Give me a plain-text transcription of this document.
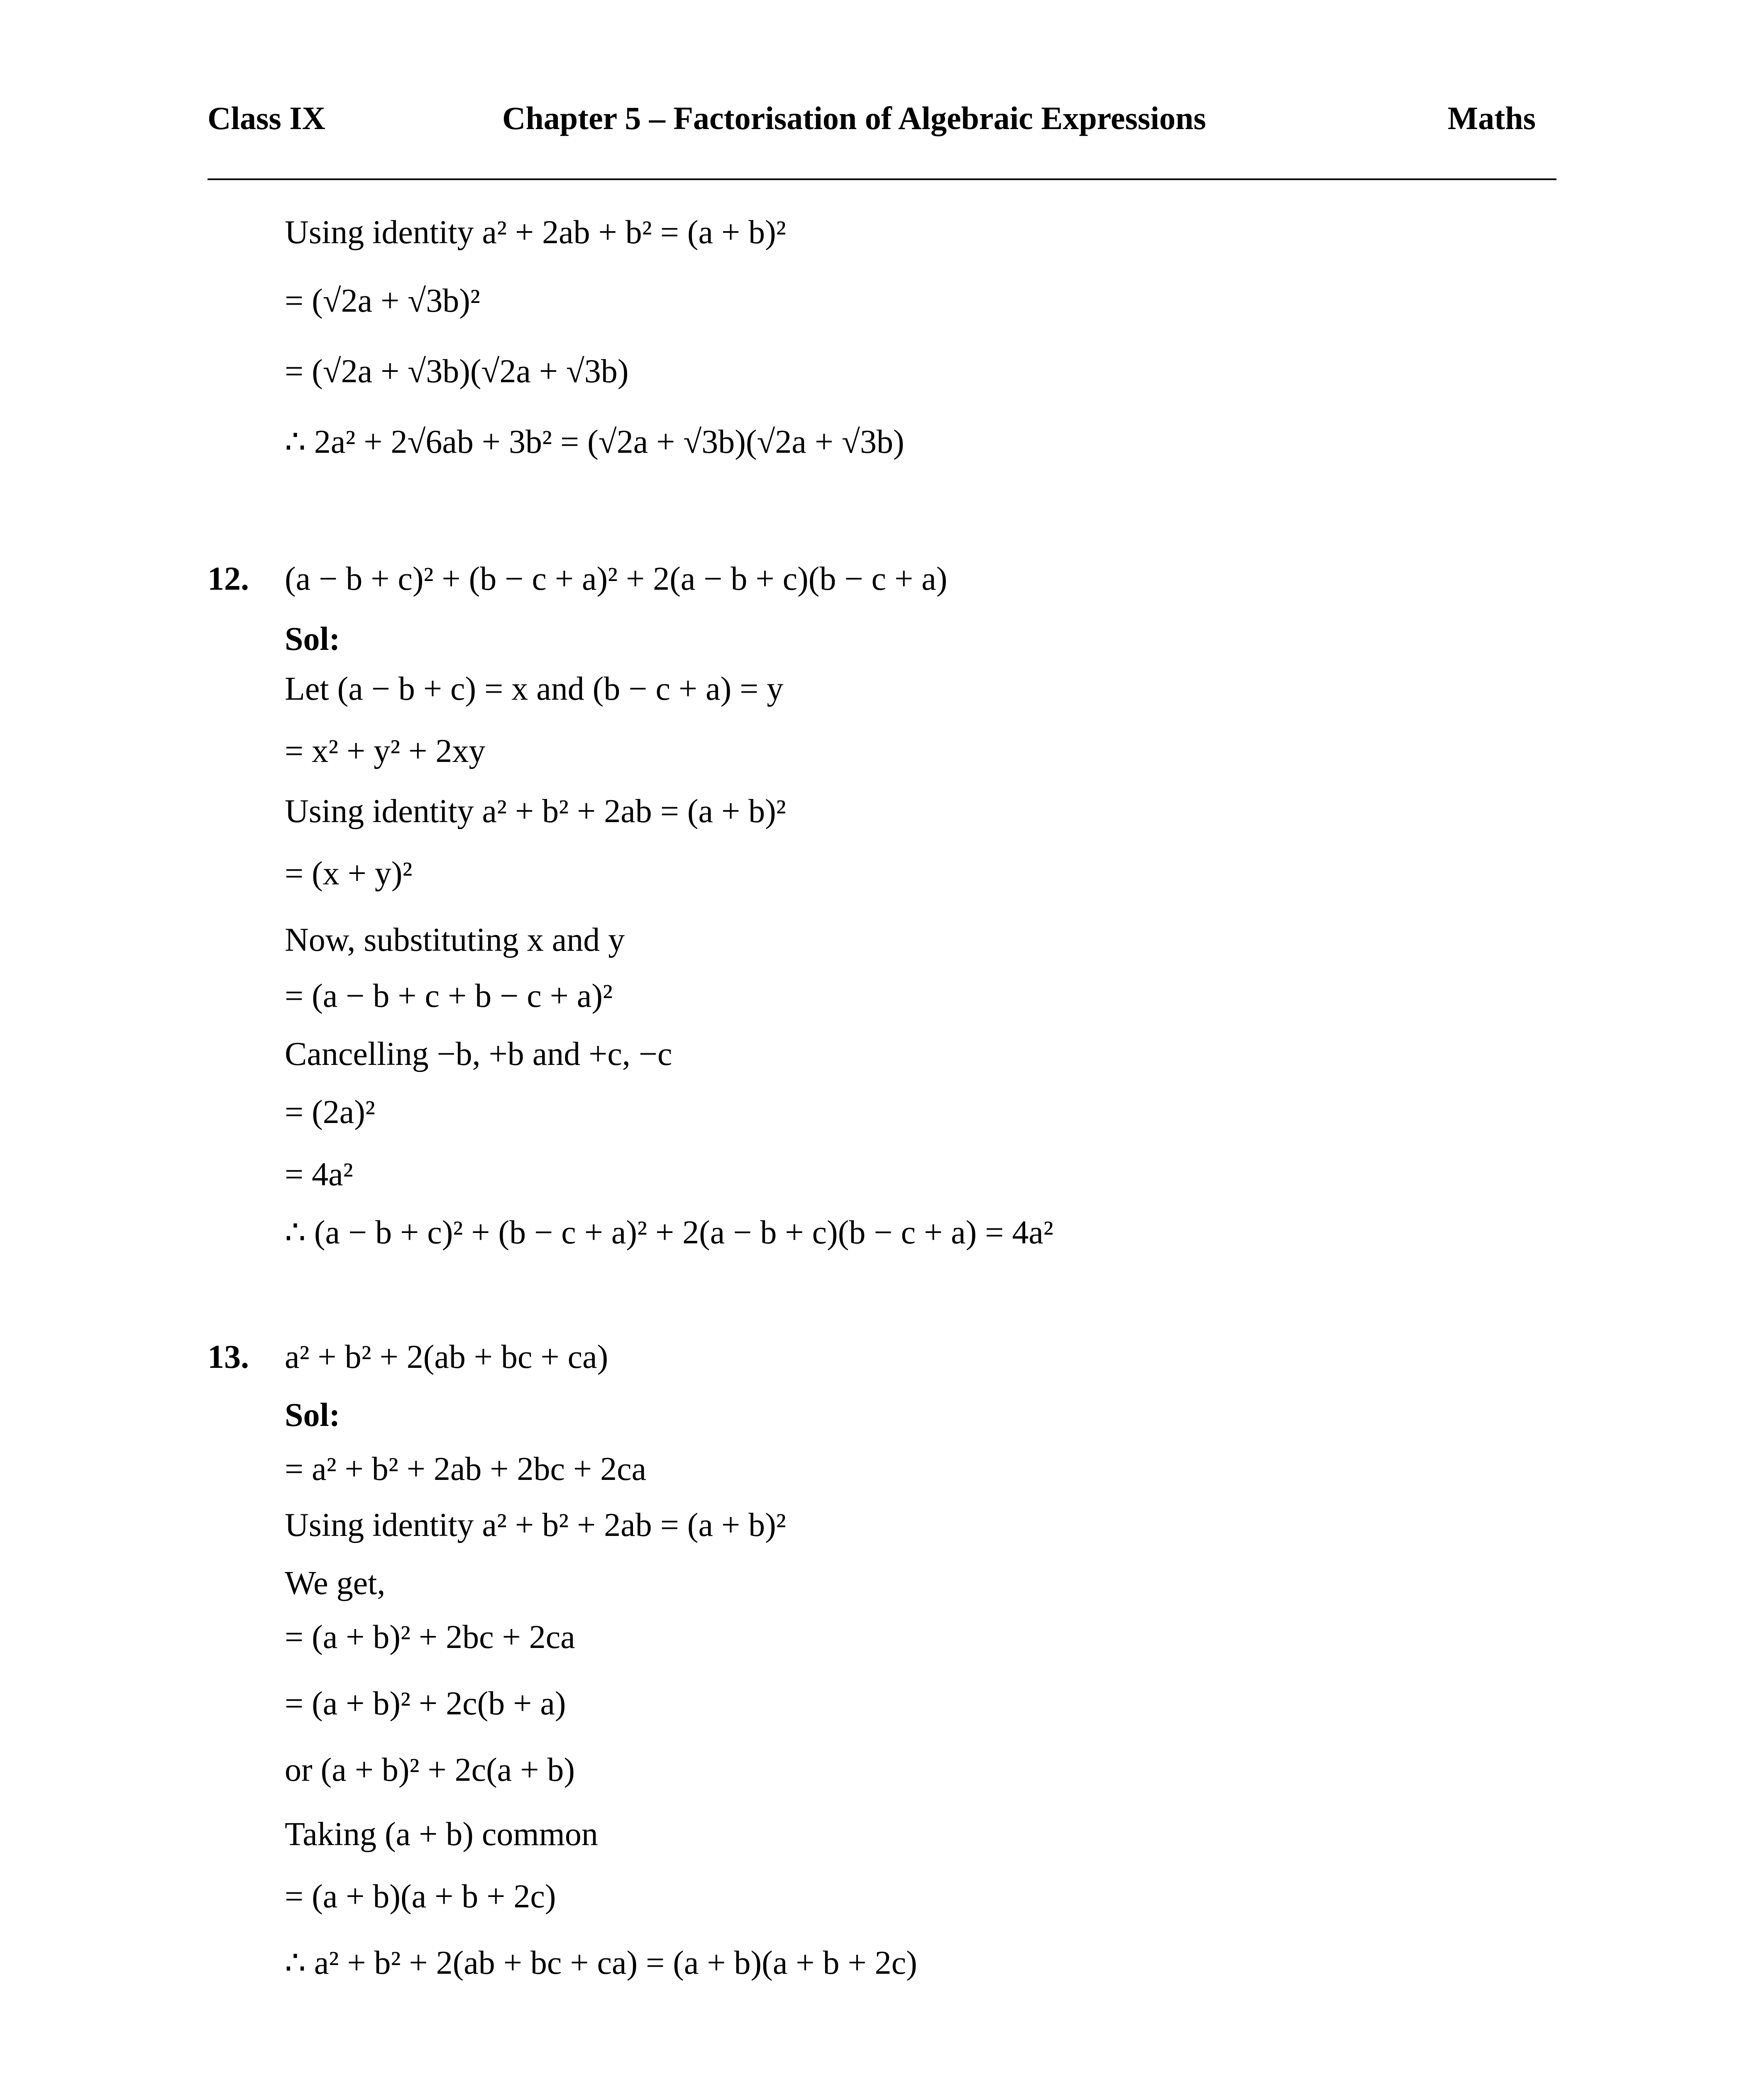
Class IX	Chapter 5 – Factorisation of Algebraic Expressions	Maths
Using identity a² + 2ab + b² = (a + b)²
= (√2a + √3b)²
= (√2a + √3b)(√2a + √3b)
∴ 2a² + 2√6ab + 3b² = (√2a + √3b)(√2a + √3b)
12. (a − b + c)² + (b − c + a)² + 2(a − b + c)(b − c + a)
Sol:
Let (a − b + c) = x and (b − c + a) = y
= x² + y² + 2xy
Using identity a² + b² + 2ab = (a + b)²
= (x + y)²
Now, substituting x and y
= (a − b + c + b − c + a)²
Cancelling −b, +b and +c, −c
= (2a)²
= 4a²
∴ (a − b + c)² + (b − c + a)² + 2(a − b + c)(b − c + a) = 4a²
13. a² + b² + 2(ab + bc + ca)
Sol:
= a² + b² + 2ab + 2bc + 2ca
Using identity a² + b² + 2ab = (a + b)²
We get,
= (a + b)² + 2bc + 2ca
= (a + b)² + 2c(b + a)
or (a + b)² + 2c(a + b)
Taking (a + b) common
= (a + b)(a + b + 2c)
∴ a² + b² + 2(ab + bc + ca) = (a + b)(a + b + 2c)
